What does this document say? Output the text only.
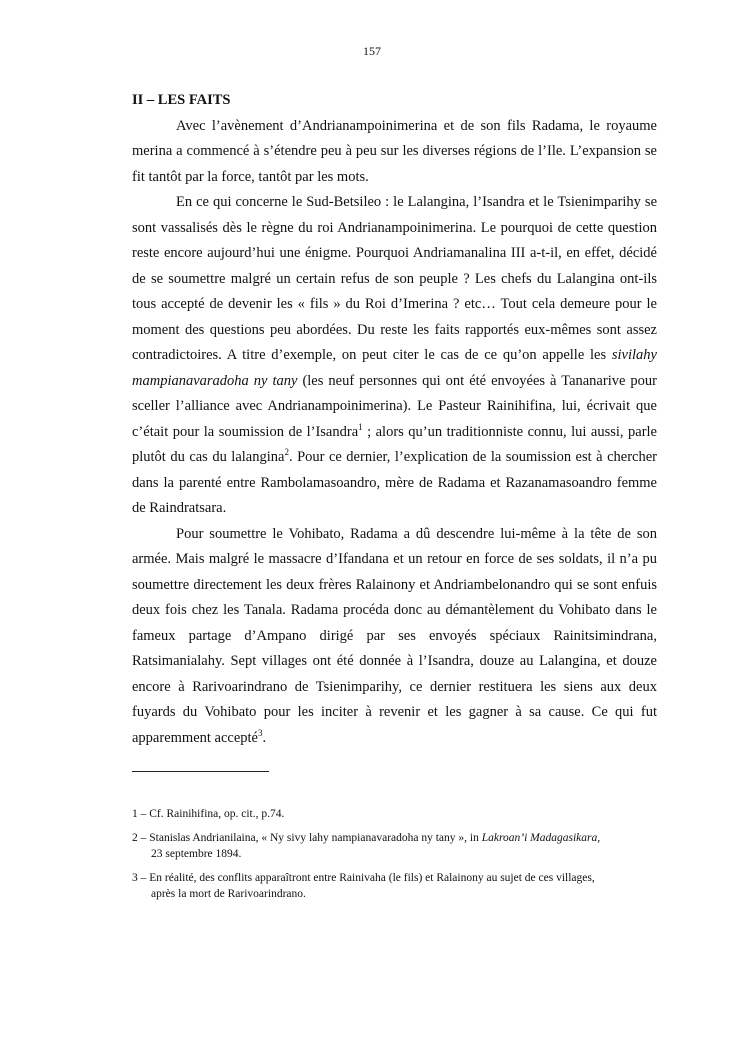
157

II – LES FAITS

Avec l’avènement d’Andrianampoinimerina et de son fils Radama, le royaume merina a commencé à s’étendre peu à peu sur les diverses régions de l’Ile. L’expansion se fit tantôt par la force, tantôt par les mots.

En ce qui concerne le Sud-Betsileo : le Lalangina, l’Isandra et le Tsienimparihy se sont vassalisés dès le règne du roi Andrianampoinimerina. Le pourquoi de cette question reste encore aujourd’hui une énigme. Pourquoi Andriamanalina III a-t-il, en effet, décidé de se soumettre malgré un certain refus de son peuple ? Les chefs du Lalangina ont-ils tous accepté de devenir les « fils » du Roi d’Imerina ? etc… Tout cela demeure pour le moment des questions peu abordées. Du reste les faits rapportés eux-mêmes sont assez contradictoires. A titre d’exemple, on peut citer le cas de ce qu’on appelle les sivilahy mampianavaradoha ny tany (les neuf personnes qui ont été envoyées à Tananarive pour sceller l’alliance avec Andrianampoinimerina). Le Pasteur Rainihifina, lui, écrivait que c’était pour la soumission de l’Isandra$^1$ ; alors qu’un traditionniste connu, lui aussi, parle plutôt du cas du lalangina$^2$. Pour ce dernier, l’explication de la soumission est à chercher dans la parenté entre Rambolamasoandro, mère de Radama et Razanamasoandro femme de Raindratsara.

Pour soumettre le Vohibato, Radama a dû descendre lui-même à la tête de son armée. Mais malgré le massacre d’Ifandana et un retour en force de ses soldats, il n’a pu soumettre directement les deux frères Ralainony et Andriambelonandro qui se sont enfuis deux fois chez les Tanala. Radama procéda donc au démantèlement du Vohibato dans le fameux partage d’Ampano dirigé par ses envoyés spéciaux Rainitsimindrana, Ratsimanialahy. Sept villages ont été donnée à l’Isandra, douze au Lalangina, et douze encore à Rarivoarindrano de Tsienimparihy, ce dernier restituera les siens aux deux fuyards du Vohibato pour les inciter à revenir et les gagner à sa cause. Ce qui fut apparemment accepté$^3$.

1 – Cf. Rainihifina, op. cit., p.74.
2 – Stanislas Andrianilaina, « Ny sivy lahy nampianavaradoha ny tany », in Lakroan’i Madagasikara,
23 septembre 1894.
3 – En réalité, des conflits apparaîtront entre Rainivaha (le fils) et Ralainony au sujet de ces villages,
après la mort de Rarivoarindrano.
